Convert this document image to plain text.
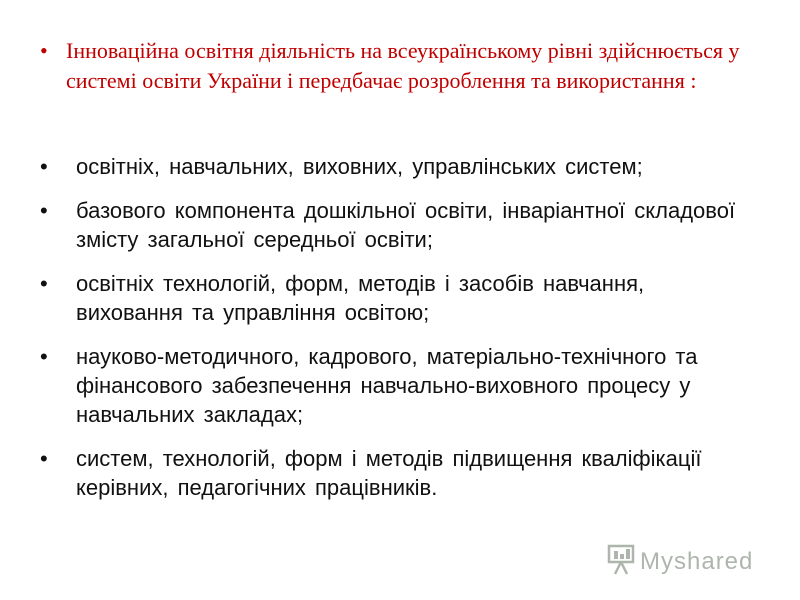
• Інноваційна освітня діяльність на всеукраїнському рівні здійснюється у системі освіти України і передбачає розроблення та використання :
•	освітніх, навчальних, виховних, управлінських систем;
•	базового компонента дошкільної освіти, інваріантної складової змісту загальної середньої освіти;
•	освітніх технологій, форм, методів і засобів навчання, виховання та управління освітою;
•	науково-методичного, кадрового, матеріально-технічного та фінансового забезпечення навчально-виховного процесу у навчальних закладах;
•	систем, технологій, форм і методів підвищення кваліфікації керівних, педагогічних працівників.
Myshared
